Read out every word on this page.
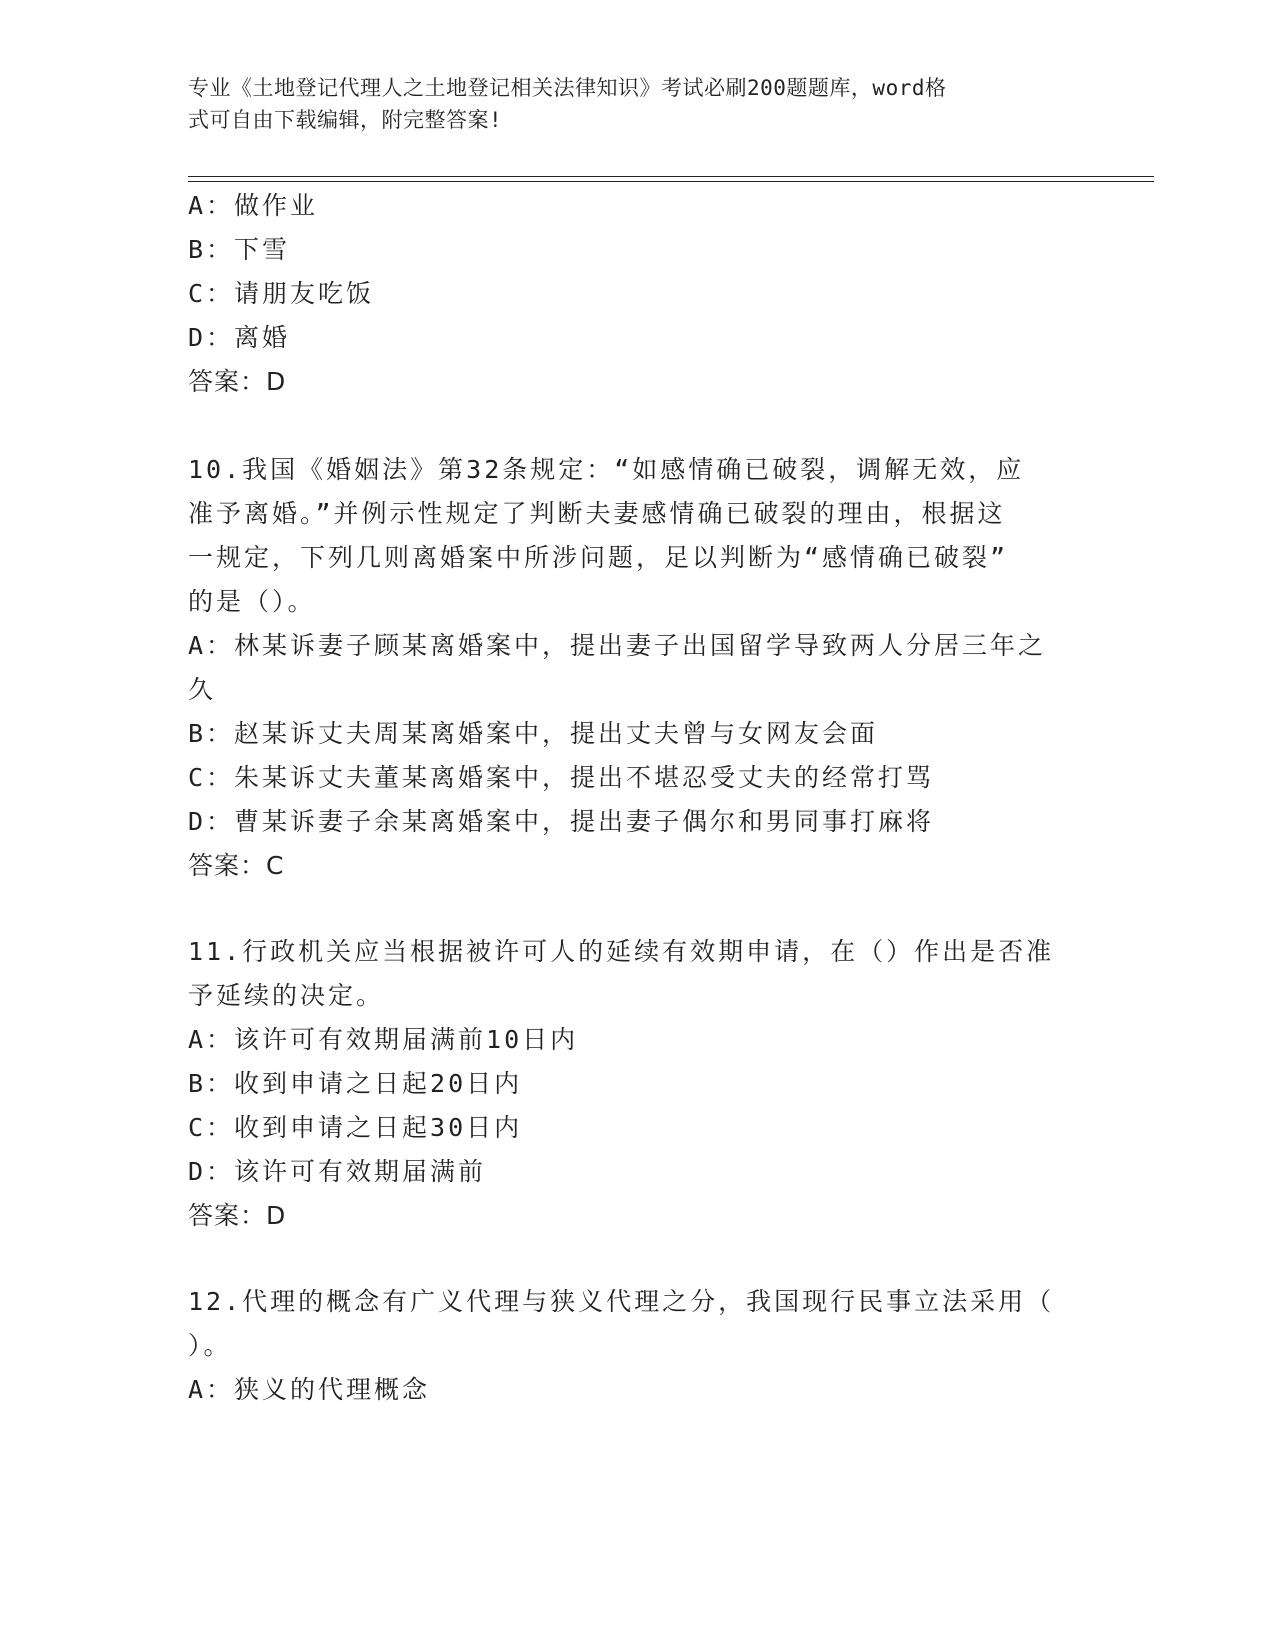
专业《土地登记代理人之土地登记相关法律知识》考试必刷200题题库，word格
式可自由下载编辑，附完整答案!
A：做作业
B：下雪
C：请朋友吃饭
D：离婚
答案：D
10.我国《婚姻法》第32条规定：“如感情确已破裂，调解无效，应
准予离婚。”并例示性规定了判断夫妻感情确已破裂的理由，根据这
一规定，下列几则离婚案中所涉问题，足以判断为“感情确已破裂”
的是（）。
A：林某诉妻子顾某离婚案中，提出妻子出国留学导致两人分居三年之
久
B：赵某诉丈夫周某离婚案中，提出丈夫曾与女网友会面
C：朱某诉丈夫董某离婚案中，提出不堪忍受丈夫的经常打骂
D：曹某诉妻子余某离婚案中，提出妻子偶尔和男同事打麻将
答案：C
11.行政机关应当根据被许可人的延续有效期申请，在（）作出是否准
予延续的决定。
A：该许可有效期届满前10日内
B：收到申请之日起20日内
C：收到申请之日起30日内
D：该许可有效期届满前
答案：D
12.代理的概念有广义代理与狭义代理之分，我国现行民事立法采用（
）。
A：狭义的代理概念
